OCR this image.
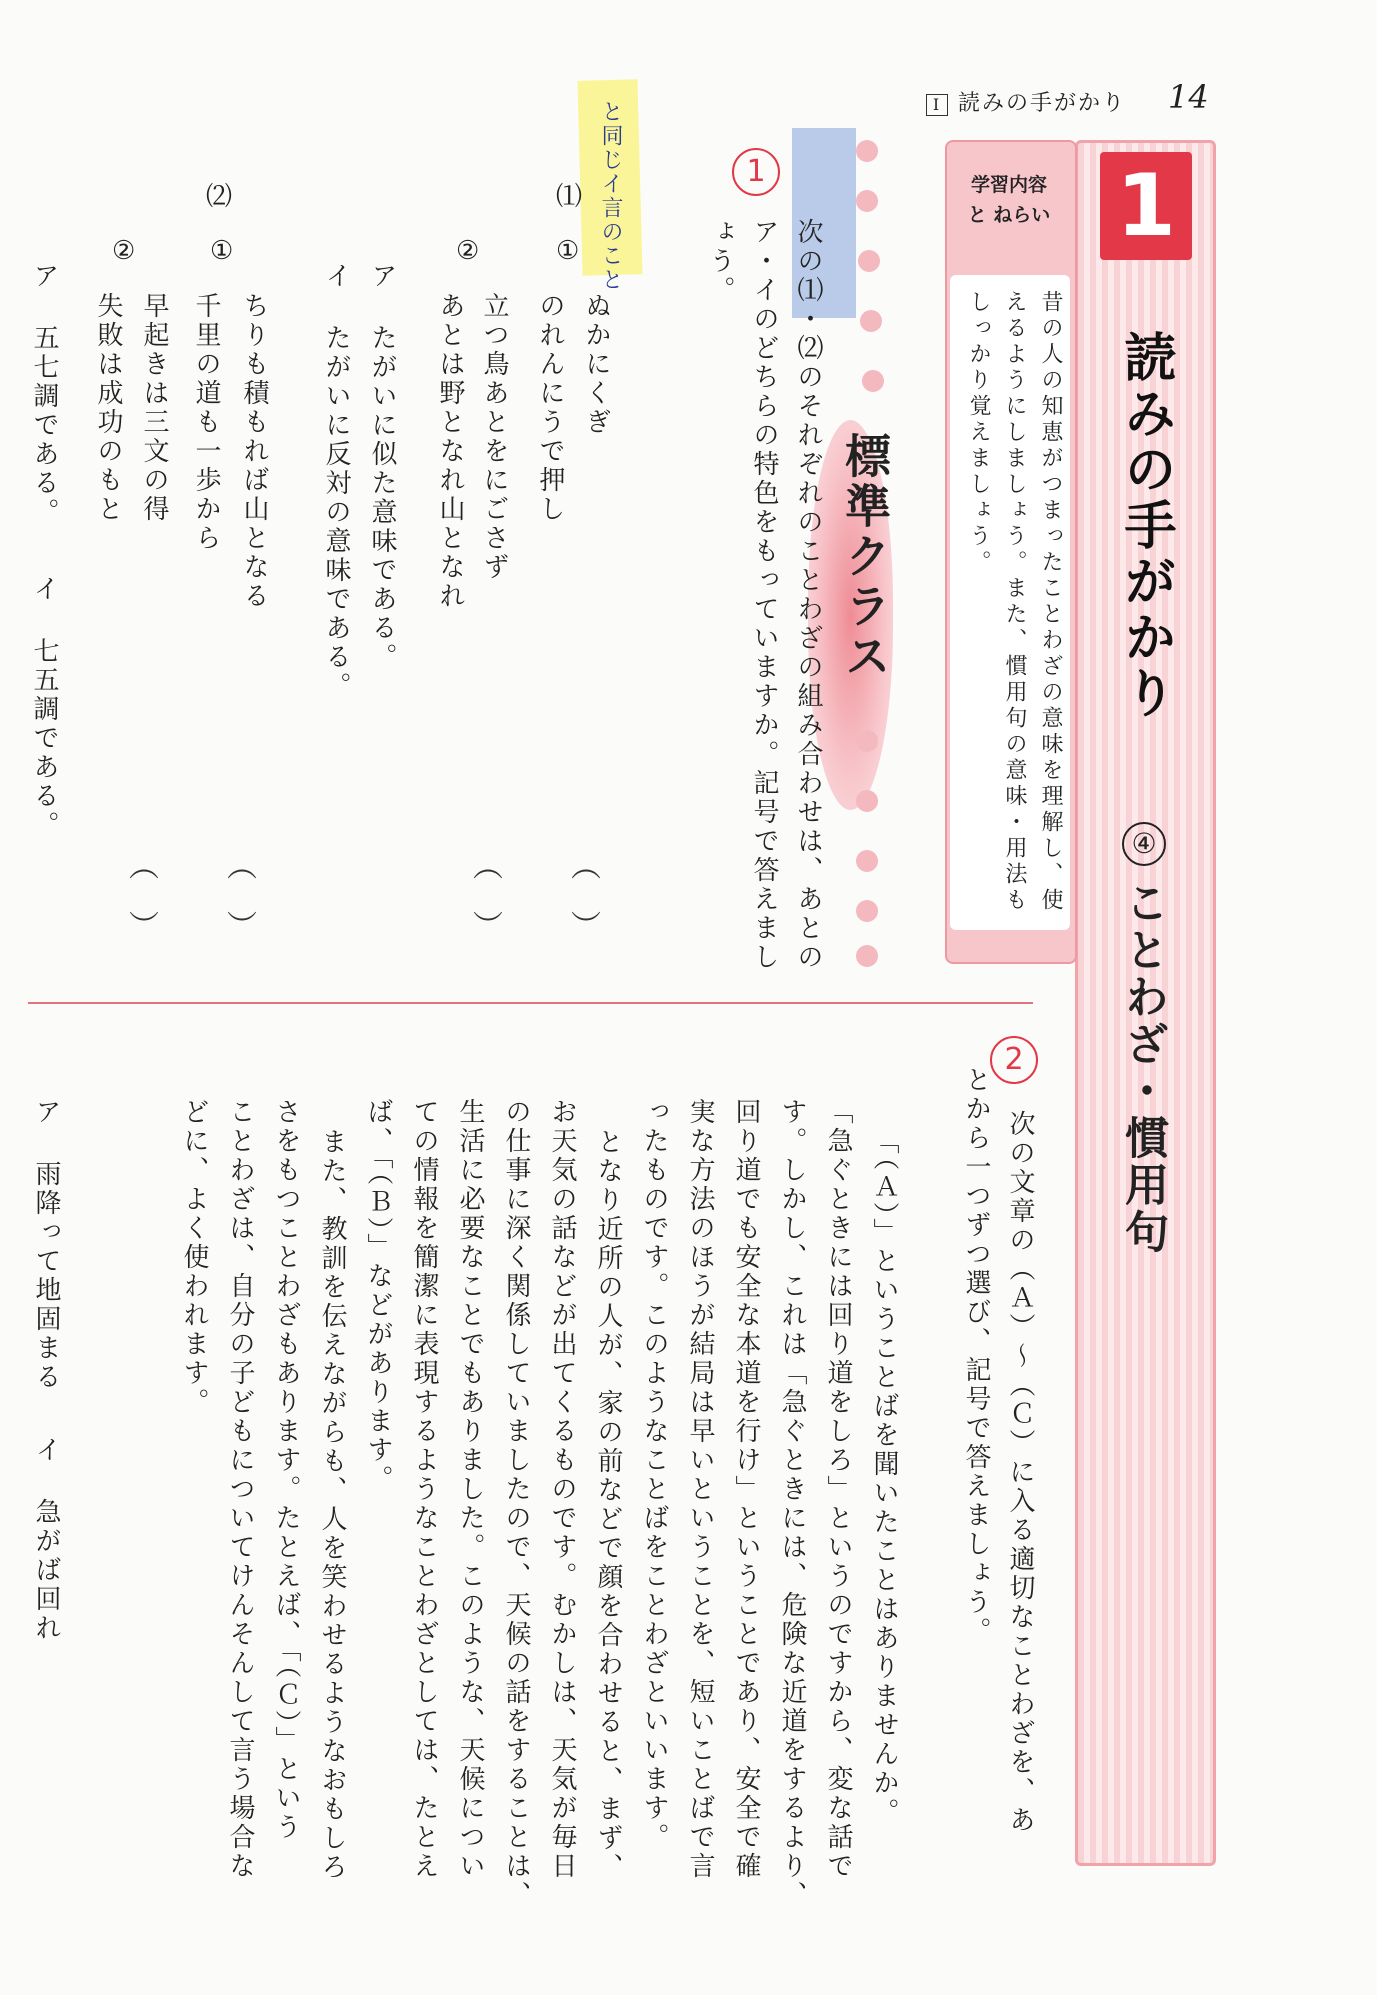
Ⅰ 読みの手がかり 14
1
読みの手がかり
④
ことわざ・慣用句
学習内容 と ねらい
昔の人の知恵がつまったことわざの意味を理解し、使えるようにしましょう。また、慣用句の意味・用法もしっかり覚えましょう。
標準クラス
と同じイ言のこと	1
次の⑴・⑵のそれぞれのことわざの組み合わせは、あとのア・イのどちらの特色をもっていますか。記号で答えましょう。
⑴
①
ぬかにくぎ
のれんにうで押し
②
立つ鳥あとをにごさず
あとは野となれ山となれ
ア たがいに似た意味である。
イ たがいに反対の意味である。
⑵
①
ちりも積もれば山となる
千里の道も一歩から
②
早起きは三文の得
失敗は成功のもと
ア 五七調である。
イ 七五調である。
（　）
（　）
（　）
（　）
2
次の文章の（Ａ）〜（Ｃ）に入る適切なことわざを、あ
とから一つずつ選び、記号で答えましょう。
「（Ａ）」ということばを聞いたことはありませんか。
「急ぐときには回り道をしろ」というのですから、変な話で
す。しかし、これは「急ぐときには、危険な近道をするより、
回り道でも安全な本道を行け」ということであり、安全で確
実な方法のほうが結局は早いということを、短いことばで言
ったものです。このようなことばをことわざといいます。
となり近所の人が、家の前などで顔を合わせると、まず、
お天気の話などが出てくるものです。むかしは、天気が毎日
の仕事に深く関係していましたので、天候の話をすることは、
生活に必要なことでもありました。このような、天候につい
ての情報を簡潔に表現するようなことわざとしては、たとえ
ば、「（Ｂ）」などがあります。
また、教訓を伝えながらも、人を笑わせるようなおもしろ
さをもつことわざもあります。たとえば、「（Ｃ）」という
ことわざは、自分の子どもについてけんそんして言う場合な
どに、よく使われます。
ア 雨降って地固まる
イ 急がば回れ
